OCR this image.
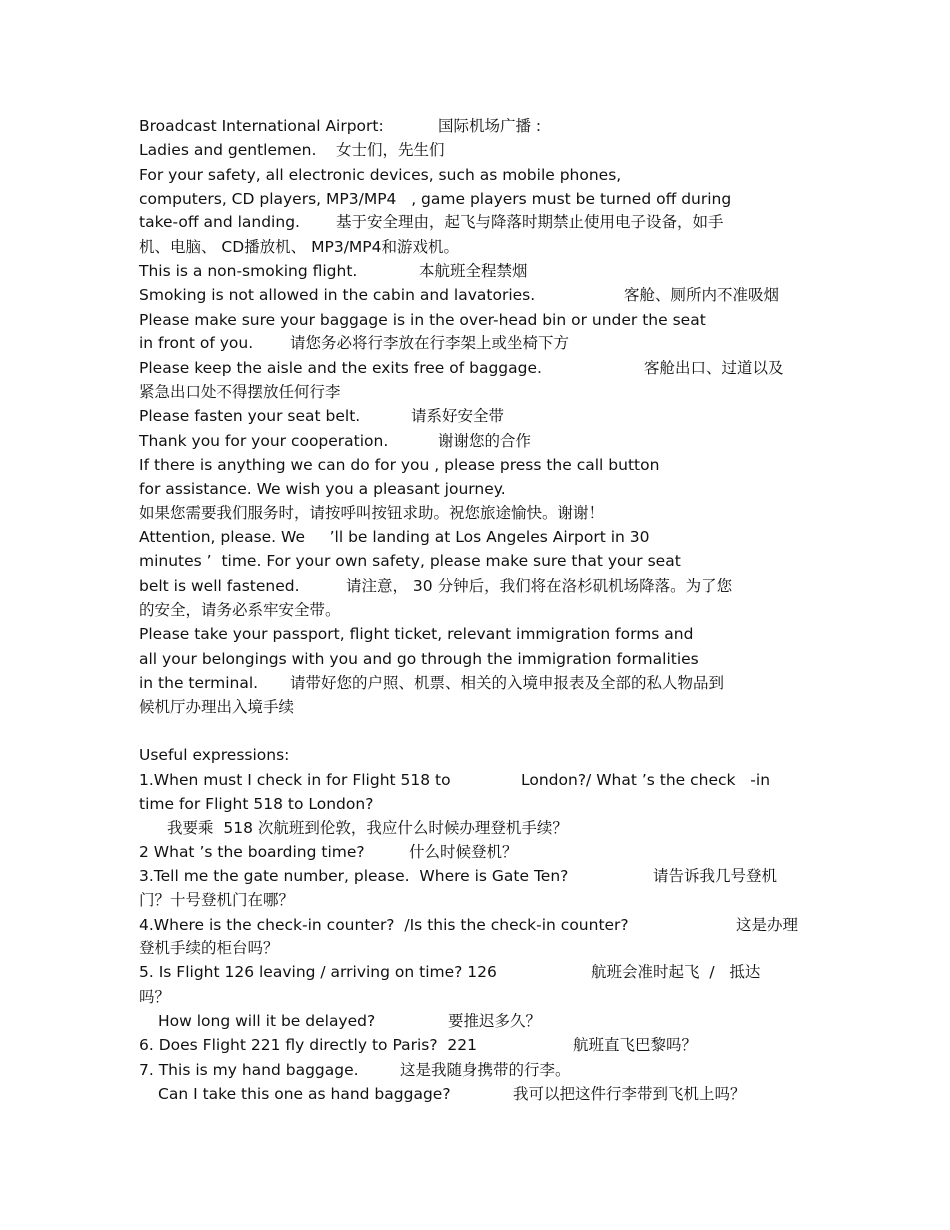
Broadcast International Airport:	国际机场广播 :
Ladies and gentlemen. 女士们，先生们
For your safety, all electronic devices, such as mobile phones,
computers, CD players, MP3/MP4   , game players must be turned off during
take-off and landing. 基于安全理由，起飞与降落时期禁止使用电子设备，如手
机、电脑、 CD播放机、 MP3/MP4和游戏机。
This is a non-smoking flight.	本航班全程禁烟
Smoking is not allowed in the cabin and lavatories.	客舱、厕所内不准吸烟
Please make sure your baggage is in the over-head bin or under the seat
in front of you. 请您务必将行李放在行李架上或坐椅下方
Please keep the aisle and the exits free of baggage.	客舱出口、过道以及
紧急出口处不得摆放任何行李
Please fasten your seat belt.	请系好安全带
Thank you for your cooperation.	谢谢您的合作
If there is anything we can do for you , please press the call button
for assistance. We wish you a pleasant journey.
如果您需要我们服务时，请按呼叫按钮求助。祝您旅途愉快。谢谢！
Attention, please. We     ’ll be landing at Los Angeles Airport in 30
minutes ’  time. For your own safety, please make sure that your seat
belt is well fastened.	请注意， 30 分钟后，我们将在洛杉矶机场降落。为了您
的安全，请务必系牢安全带。
Please take your passport, flight ticket, relevant immigration forms and
all your belongings with you and go through the immigration formalities
in the terminal. 请带好您的户照、机票、相关的入境申报表及全部的私人物品到
候机厅办理出入境手续
Useful expressions:
1.When must I check in for Flight 518 to	London?/ What ’s the check   -in
time for Flight 518 to London?
我要乘  518 次航班到伦敦，我应什么时候办理登机手续？
2 What ’s the boarding time?	什么时候登机？
3.Tell me the gate number, please.  Where is Gate Ten?	请告诉我几号登机
门？十号登机门在哪？
4.Where is the check-in counter?  /Is this the check-in counter?	这是办理
登机手续的柜台吗？
5. Is Flight 126 leaving / arriving on time? 126	航班会准时起飞  /   抵达
吗？
How long will it be delayed?	要推迟多久？
6. Does Flight 221 fly directly to Paris?  221	航班直飞巴黎吗？
7. This is my hand baggage.	这是我随身携带的行李。
Can I take this one as hand baggage?	我可以把这件行李带到飞机上吗？
